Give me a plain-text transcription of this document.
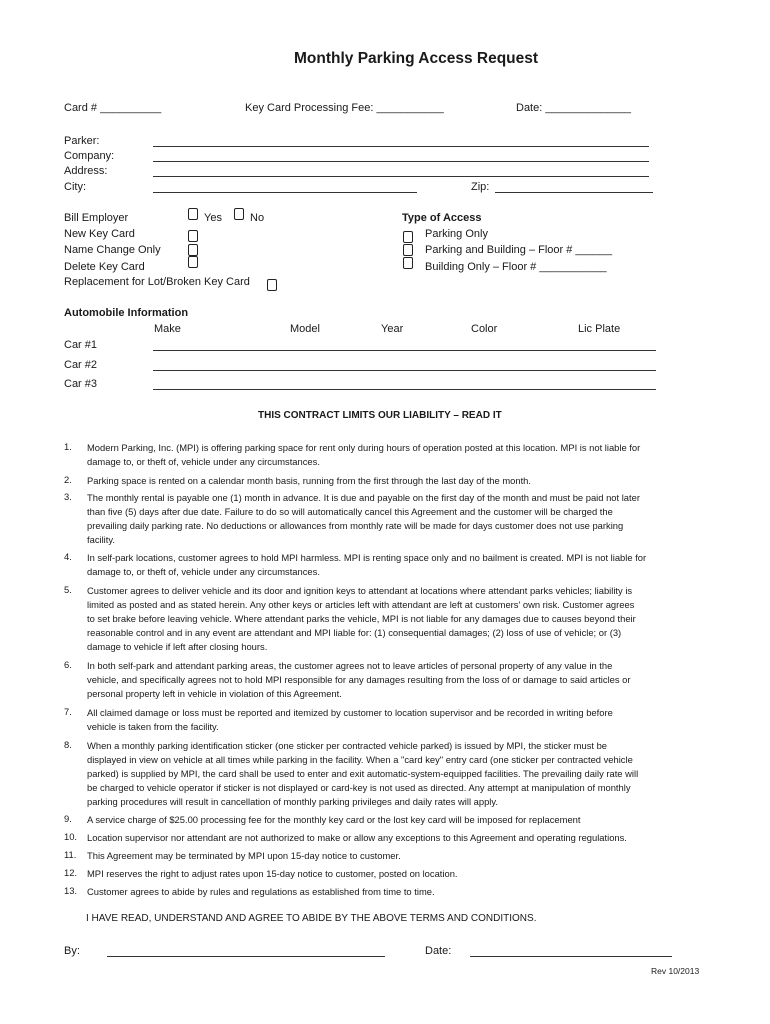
Monthly Parking Access Request
Card # __________	Key Card Processing Fee: ___________	Date: ______________
Parker:
Company:
Address:
City:	Zip:
Bill Employer	Yes	No
New Key Card
Name Change Only
Delete Key Card
Replacement for Lot/Broken Key Card
Type of Access
Parking Only
Parking and Building – Floor # ______
Building Only – Floor # ___________
Automobile Information
Make	Model	Year	Color	Lic Plate
Car #1
Car #2
Car #3
THIS CONTRACT LIMITS OUR LIABILITY – READ IT
1. Modern Parking, Inc. (MPI) is offering parking space for rent only during hours of operation posted at this location. MPI is not liable for
damage to, or theft of, vehicle under any circumstances.
2. Parking space is rented on a calendar month basis, running from the first through the last day of the month.
3. The monthly rental is payable one (1) month in advance. It is due and payable on the first day of the month and must be paid not later
than five (5) days after due date. Failure to do so will automatically cancel this Agreement and the customer will be charged the
prevailing daily parking rate. No deductions or allowances from monthly rate will be made for days customer does not use parking
facility.
4. In self-park locations, customer agrees to hold MPI harmless. MPI is renting space only and no bailment is created. MPI is not liable for
damage to, or theft of, vehicle under any circumstances.
5. Customer agrees to deliver vehicle and its door and ignition keys to attendant at locations where attendant parks vehicles; liability is
limited as posted and as stated herein. Any other keys or articles left with attendant are left at customers' own risk. Customer agrees
to set brake before leaving vehicle. Where attendant parks the vehicle, MPI is not liable for any damages due to causes beyond their
reasonable control and in any event are attendant and MPI liable for: (1) consequential damages; (2) loss of use of vehicle; or (3)
damage to vehicle if left after closing hours.
6. In both self-park and attendant parking areas, the customer agrees not to leave articles of personal property of any value in the
vehicle, and specifically agrees not to hold MPI responsible for any damages resulting from the loss of or damage to said articles or
personal property left in vehicle in violation of this Agreement.
7. All claimed damage or loss must be reported and itemized by customer to location supervisor and be recorded in writing before
vehicle is taken from the facility.
8. When a monthly parking identification sticker (one sticker per contracted vehicle parked) is issued by MPI, the sticker must be
displayed in view on vehicle at all times while parking in the facility. When a "card key" entry card (one sticker per contracted vehicle
parked) is supplied by MPI, the card shall be used to enter and exit automatic-system-equipped facilities. The prevailing daily rate will
be charged to vehicle operator if sticker is not displayed or card-key is not used as directed. Any attempt at manipulation of monthly
parking procedures will result in cancellation of monthly parking privileges and daily rates will apply.
9. A service charge of $25.00 processing fee for the monthly key card or the lost key card will be imposed for replacement
10. Location supervisor nor attendant are not authorized to make or allow any exceptions to this Agreement and operating regulations.
11. This Agreement may be terminated by MPI upon 15-day notice to customer.
12. MPI reserves the right to adjust rates upon 15-day notice to customer, posted on location.
13. Customer agrees to abide by rules and regulations as established from time to time.
I HAVE READ, UNDERSTAND AND AGREE TO ABIDE BY THE ABOVE TERMS AND CONDITIONS.
By:	Date:
Rev 10/2013
